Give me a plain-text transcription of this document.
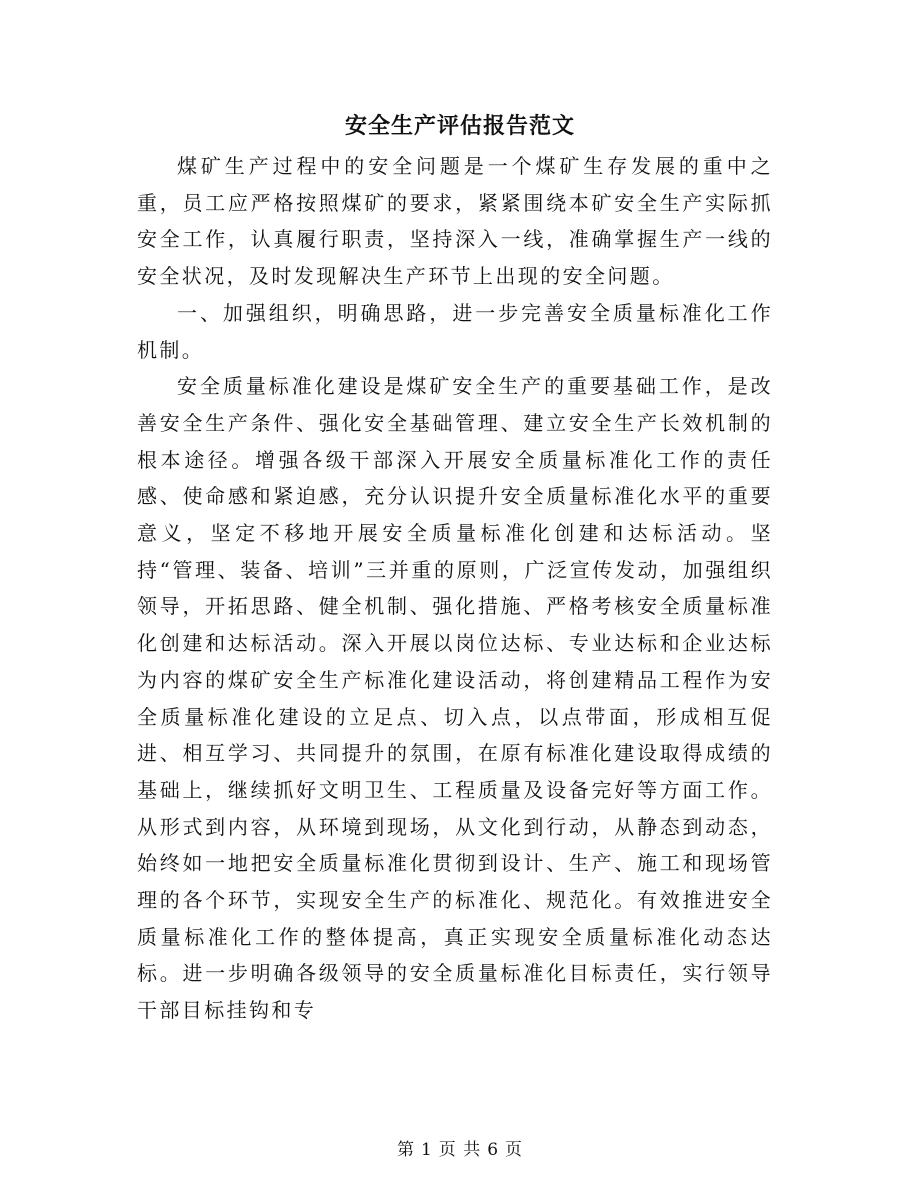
安全生产评估报告范文

煤矿生产过程中的安全问题是一个煤矿生存发展的重中之重，员工应严格按照煤矿的要求，紧紧围绕本矿安全生产实际抓安全工作，认真履行职责，坚持深入一线，准确掌握生产一线的安全状况，及时发现解决生产环节上出现的安全问题。

一、加强组织，明确思路，进一步完善安全质量标准化工作机制。

安全质量标准化建设是煤矿安全生产的重要基础工作，是改善安全生产条件、强化安全基础管理、建立安全生产长效机制的根本途径。增强各级干部深入开展安全质量标准化工作的责任感、使命感和紧迫感，充分认识提升安全质量标准化水平的重要意义，坚定不移地开展安全质量标准化创建和达标活动。坚持“管理、装备、培训”三并重的原则，广泛宣传发动，加强组织领导，开拓思路、健全机制、强化措施、严格考核安全质量标准化创建和达标活动。深入开展以岗位达标、专业达标和企业达标为内容的煤矿安全生产标准化建设活动，将创建精品工程作为安全质量标准化建设的立足点、切入点，以点带面，形成相互促进、相互学习、共同提升的氛围，在原有标准化建设取得成绩的基础上，继续抓好文明卫生、工程质量及设备完好等方面工作。从形式到内容，从环境到现场，从文化到行动，从静态到动态，始终如一地把安全质量标准化贯彻到设计、生产、施工和现场管理的各个环节，实现安全生产的标准化、规范化。有效推进安全质量标准化工作的整体提高，真正实现安全质量标准化动态达标。进一步明确各级领导的安全质量标准化目标责任，实行领导干部目标挂钩和专

第 1 页 共 6 页
